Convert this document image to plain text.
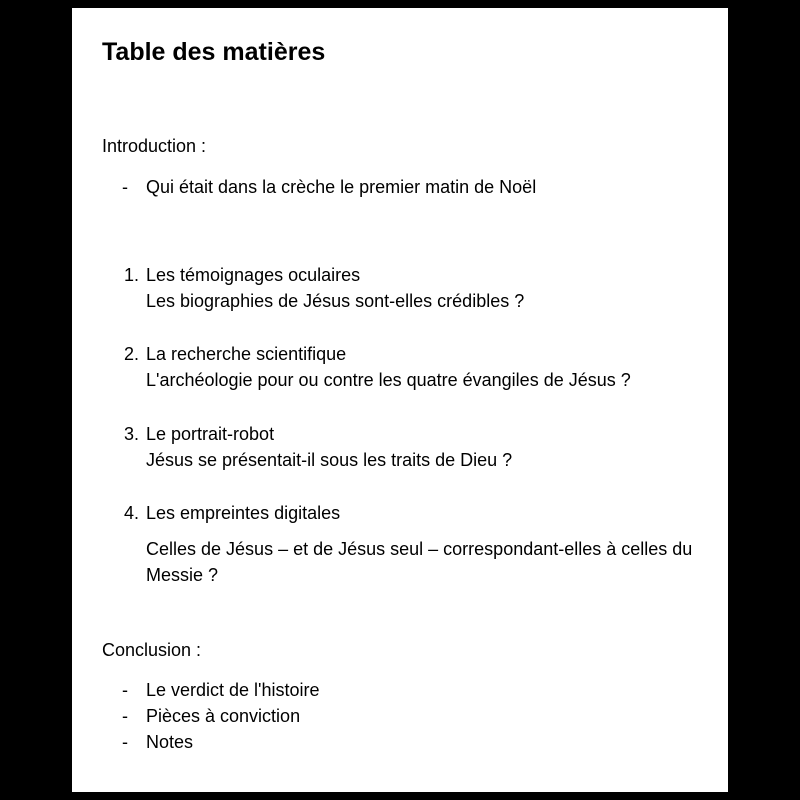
Table des matières
Introduction :
- Qui était dans la crèche le premier matin de Noël
1. Les témoignages oculaires
Les biographies de Jésus sont-elles crédibles ?
2. La recherche scientifique
L'archéologie pour ou contre les quatre évangiles de Jésus ?
3. Le portrait-robot
Jésus se présentait-il sous les traits de Dieu ?
4. Les empreintes digitales
Celles de Jésus – et de Jésus seul – correspondant-elles à celles du Messie ?
Conclusion :
- Le verdict de l'histoire
- Pièces à conviction
- Notes
